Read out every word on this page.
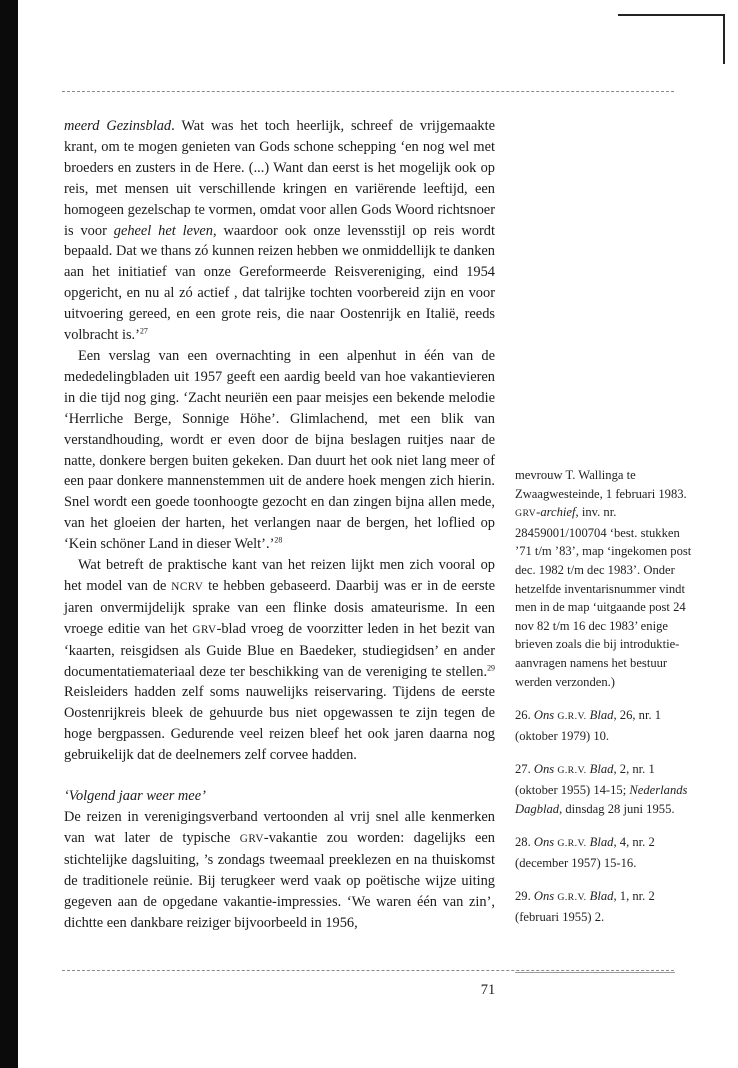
meerd Gezinsblad. Wat was het toch heerlijk, schreef de vrijgemaakte krant, om te mogen genieten van Gods schone schepping ‘en nog wel met broeders en zusters in de Here. (...) Want dan eerst is het mogelijk ook op reis, met mensen uit verschillende kringen en variërende leeftijd, een homogeen gezelschap te vormen, omdat voor allen Gods Woord richtsnoer is voor geheel het leven, waardoor ook onze levensstijl op reis wordt bepaald. Dat we thans zó kunnen reizen hebben we onmiddellijk te danken aan het initiatief van onze Gereformeerde Reisvereniging, eind 1954 opgericht, en nu al zó actief , dat talrijke tochten voorbereid zijn en voor uitvoering gereed, en een grote reis, die naar Oostenrijk en Italië, reeds volbracht is.’$^{27}$

Een verslag van een overnachting in een alpenhut in één van de mededelingbladen uit 1957 geeft een aardig beeld van hoe vakantievieren in die tijd nog ging. ‘Zacht neuriën een paar meisjes een bekende melodie ‘Herrliche Berge, Sonnige Höhe’. Glimlachend, met een blik van verstandhouding, wordt er even door de bijna beslagen ruitjes naar de natte, donkere bergen buiten gekeken. Dan duurt het ook niet lang meer of een paar donkere mannenstemmen uit de andere hoek mengen zich hierin. Snel wordt een goede toonhoogte gezocht en dan zingen bijna allen mede, van het gloeien der harten, het verlangen naar de bergen, het loflied op ‘Kein schöner Land in dieser Welt’.’$^{28}$

Wat betreft de praktische kant van het reizen lijkt men zich vooral op het model van de NCRV te hebben gebaseerd. Daarbij was er in de eerste jaren onvermijdelijk sprake van een flinke dosis amateurisme. In een vroege editie van het GRV-blad vroeg de voorzitter leden in het bezit van ‘kaarten, reisgidsen als Guide Blue en Baedeker, studiegidsen’ en ander documentatiemateriaal deze ter beschikking van de vereniging te stellen.$^{29}$ Reisleiders hadden zelf soms nauwelijks reiservaring. Tijdens de eerste Oostenrijkreis bleek de gehuurde bus niet opgewassen te zijn tegen de hoge bergpassen. Gedurende veel reizen bleef het ook jaren daarna nog gebruikelijk dat de deelnemers zelf corvee hadden.

‘Volgend jaar weer mee’

De reizen in verenigingsverband vertoonden al vrij snel alle kenmerken van wat later de typische GRV-vakantie zou worden: dagelijks een stichtelijke dagsluiting, ’s zondags tweemaal preeklezen en na thuiskomst de traditionele reünie. Bij terugkeer werd vaak op poëtische wijze uiting gegeven aan de opgedane vakantie-impressies. ‘We waren één van zin’, dichtte een dankbare reiziger bijvoorbeeld in 1956,

mevrouw T. Wallinga te Zwaagwesteinde, 1 februari 1983. GRV-archief, inv. nr. 28459001/100704 ‘best. stukken ’71 t/m ’83’, map ‘ingekomen post dec. 1982 t/m dec 1983’. Onder hetzelfde inventarisnummer vindt men in de map ‘uitgaande post 24 nov 82 t/m 16 dec 1983’ enige brieven zoals die bij introduktie-aanvragen namens het bestuur werden verzonden.)

26. Ons G.R.V. Blad, 26, nr. 1 (oktober 1979) 10.

27. Ons G.R.V. Blad, 2, nr. 1 (oktober 1955) 14-15; Nederlands Dagblad, dinsdag 28 juni 1955.

28. Ons G.R.V. Blad, 4, nr. 2 (december 1957) 15-16.

29. Ons G.R.V. Blad, 1, nr. 2 (februari 1955) 2.

71
